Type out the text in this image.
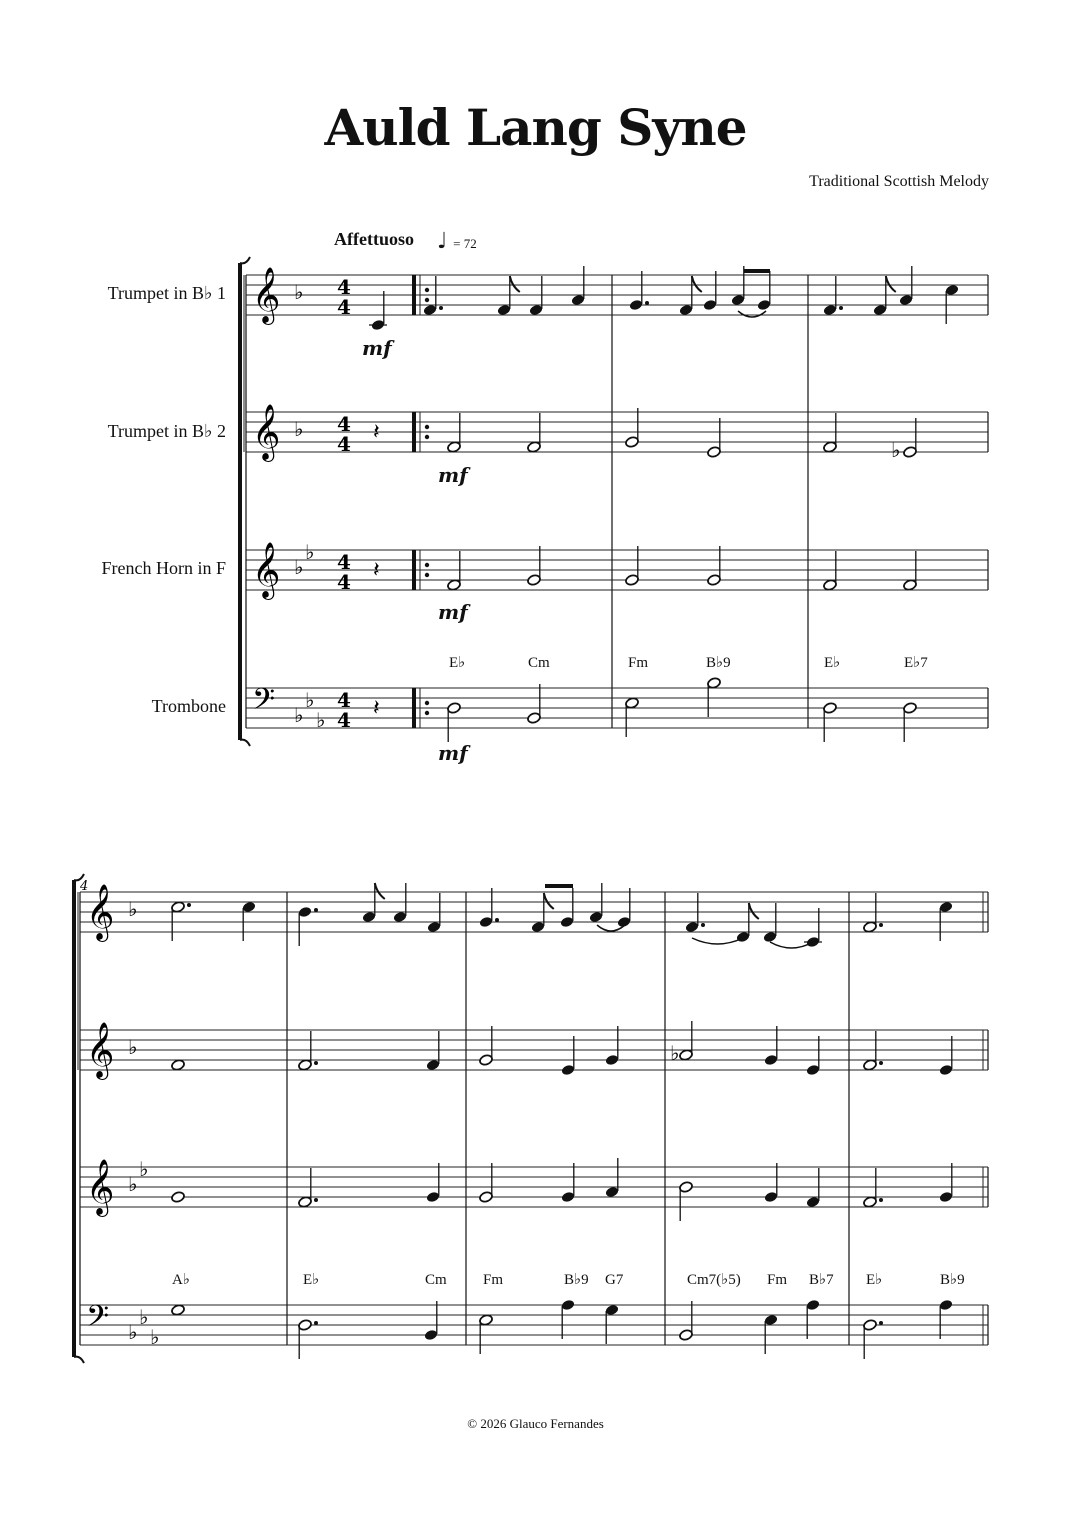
Auld Lang Syne
Traditional Scottish Melody
Affettuoso ♩ = 72
Trumpet in B♭ 1
Trumpet in B♭ 2
French Horn in F
Trombone
𝄞 ♭ 4
4
𝄞 ♭ 4
4
𝄞 ♭
♭ 4
4
𝄢 ♭
♭
♭
4
4
𝄞 ♭
𝄞 ♭
𝄞 ♭
♭
𝄢 ♭
♭
♭
𝄽
𝄽
𝄽
♭
♭
E♭	Cm	Fm	B♭9	E♭	E♭7
A♭	E♭	Cm Fm	B♭9 G7	Cm7(♭5) Fm B♭7 E♭	B♭9
mf
mf
mf
mf
4
© 2026 Glauco Fernandes
